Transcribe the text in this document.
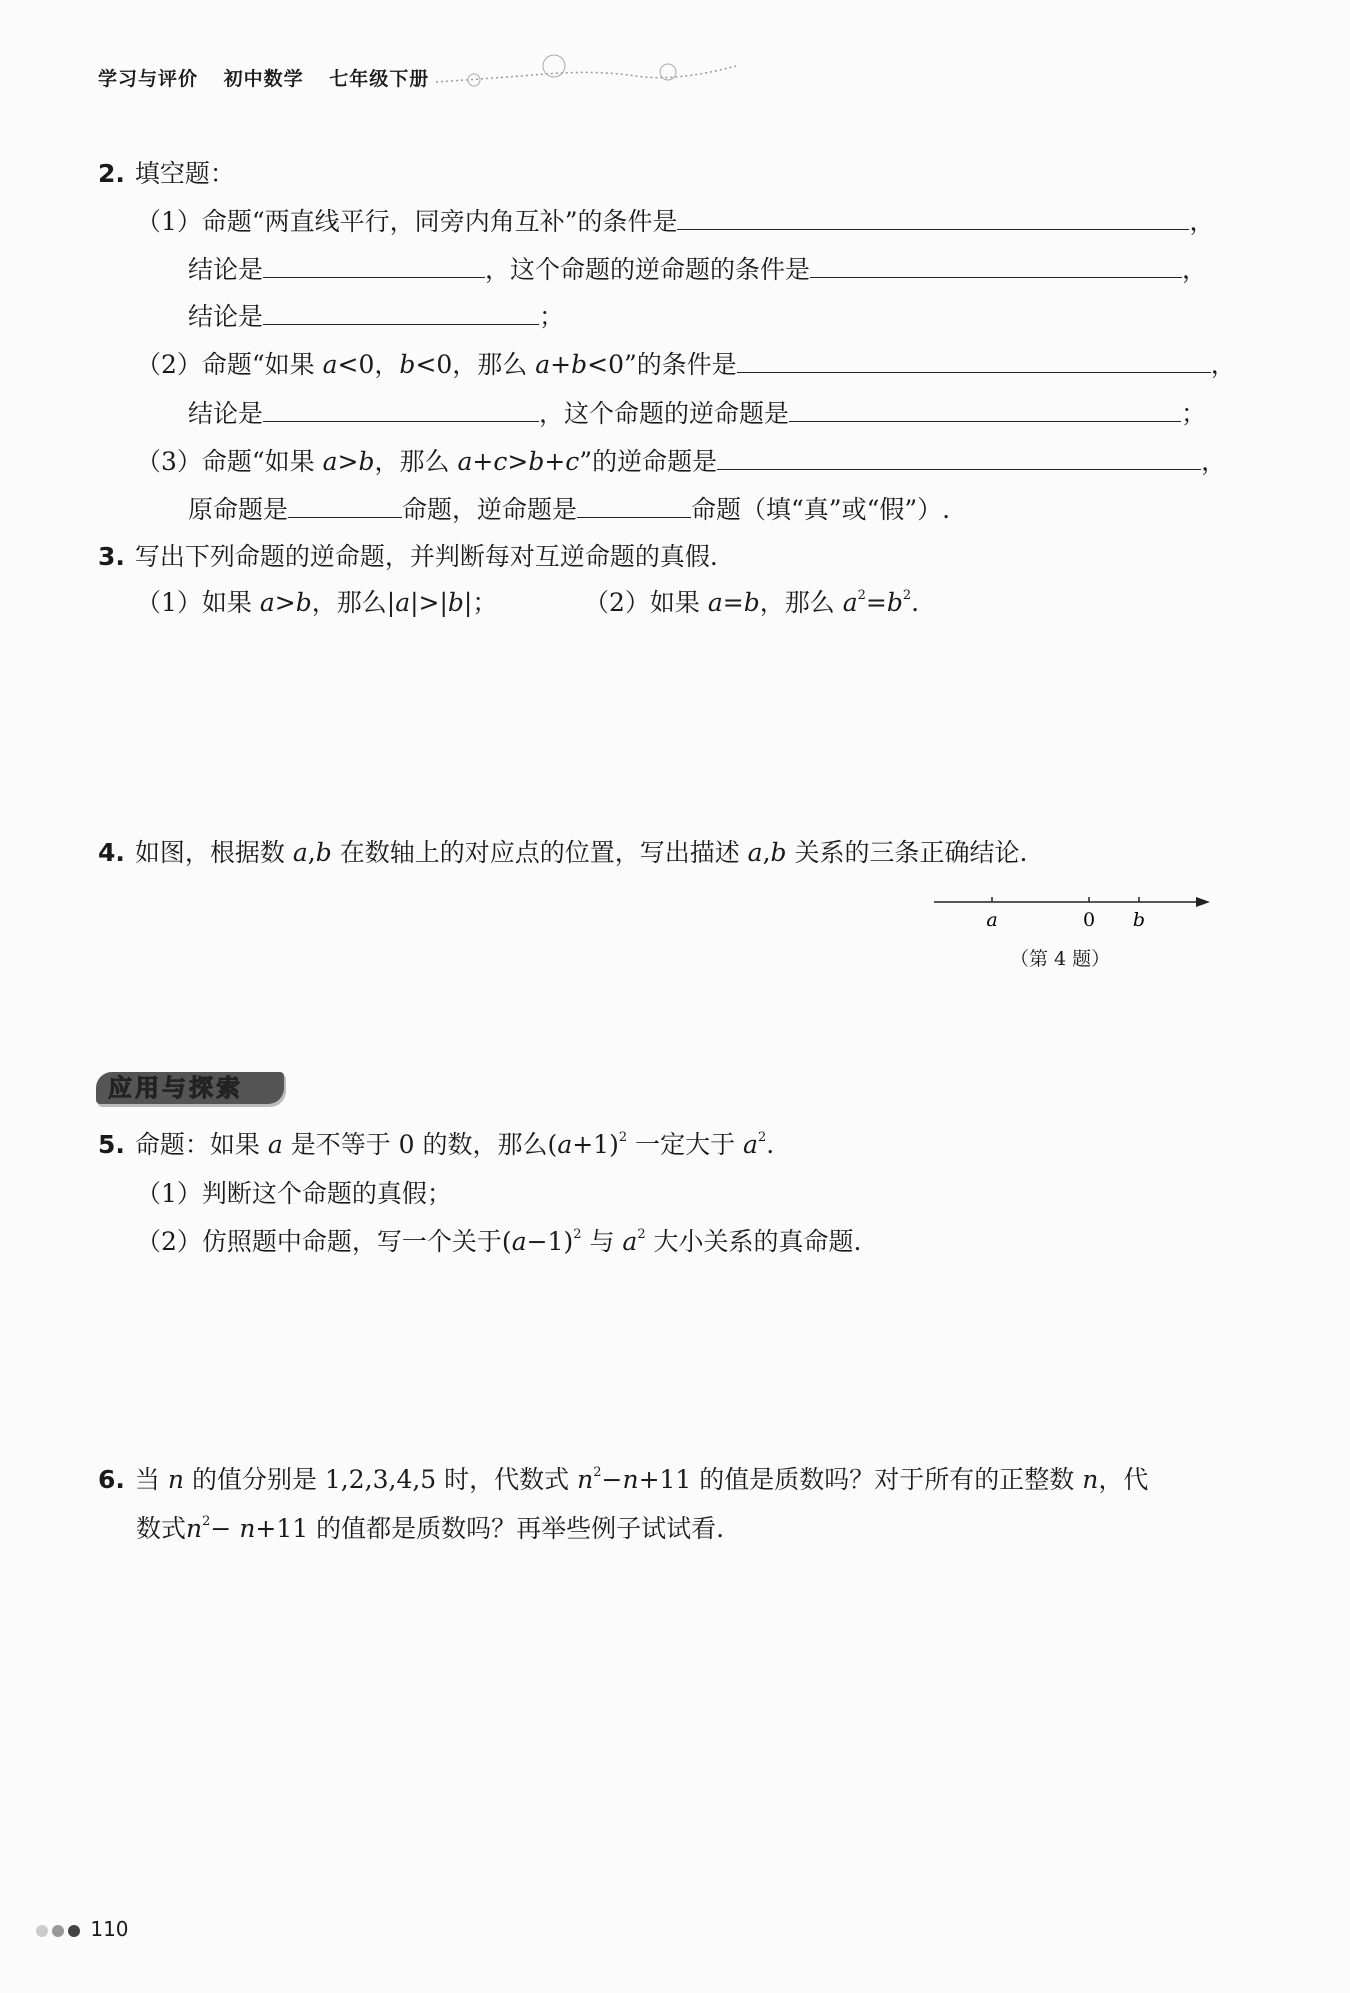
学习与评价 初中数学 七年级下册
2. 填空题：
（1）命题“两直线平行，同旁内角互补”的条件是	，
结论是	，这个命题的逆命题的条件是	，
结论是	；
（2）命题“如果 a<0，b<0，那么 a+b<0”的条件是	，
结论是	，这个命题的逆命题是	；
（3）命题“如果 a>b，那么 a+c>b+c”的逆命题是	，
原命题是	命题，逆命题是	命题（填“真”或“假”）.
3. 写出下列命题的逆命题，并判断每对互逆命题的真假.
（1）如果 a>b，那么|a|>|b|；	（2）如果 a=b，那么 $a^2=b^2$.
4. 如图，根据数 a,b 在数轴上的对应点的位置，写出描述 a,b 关系的三条正确结论.
a	0 b
（第 4 题）
应用与探索
5. 命题：如果 a 是不等于 0 的数，那么$(a+1)^2$ 一定大于 $a^2$.
（1）判断这个命题的真假；
（2）仿照题中命题，写一个关于$(a-1)^2$ 与 $a^2$ 大小关系的真命题.
6. 当 n 的值分别是 1,2,3,4,5 时，代数式 $n^2-n+11$ 的值是质数吗？对于所有的正整数 n，代
数式$n^2- n+11$ 的值都是质数吗？再举些例子试试看.
110
